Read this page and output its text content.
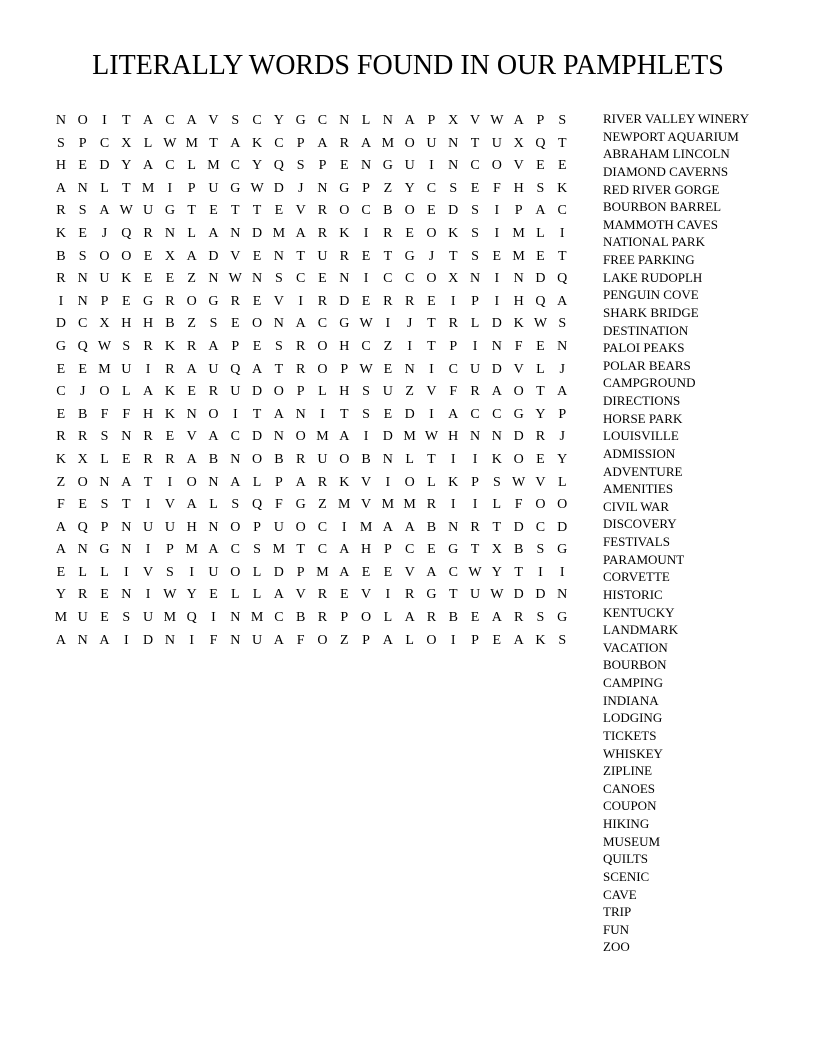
LITERALLY WORDS FOUND IN OUR PAMPHLETS
N O	I	T A C A V S C Y G C N L N A P X V W A P	S
S	P C X L W M T A K C P A R A M O U N T U X Q T
H E D Y A C L M C Y Q S	P E N G U	I	N C O V E E
A N L T M I	P U G W D	J	N G P Z Y C S E F H S K
R S A W U G T E T T E V R O C B O E D S	I	P A C
K E	J	Q R N L A N D M A R K	I	R E O K S	I M L	I
B S O O E X A D V E N T U R E T G	J	T S E M E T
R N U K E E Z N W N S C E N	I	C C O X N	I	N D Q
I	N P E G R O G R E V	I	R D E R R E	I	P	I	H Q A
D C X H H B Z S E O N A C G W I	J	T R L D K W S
G Q W S R K R A P E S R O H C Z	I	T P	I	N F E N
E E M U	I	R A U Q A T R O P W E N	I	C U D V L	J
C	J	O L A K E R U D O P L H S U Z V F R A O T A
E B F	F H K N O	I	T A N	I	T S E D	I	A C C G Y P
R R S N R E V A C D N O M A	I	D M W H N N D R	J
K X L E R R A B N O B R U O B N L T	I	I	K O E Y
Z O N A T	I	O N A L P A R K V	I	O L K P	S W V L
F E S T	I	V A L S Q F G Z M V M M R	I	I	L F O O
A Q P N U U H N O P U O C	I M A A B N R T D C D
A N G N	I	P M A C S M T C A H P C E G T X B S G
E L L	I	V S	I	U O L D P M A E E V A C W Y T	I	I
Y R E N	I W Y E L L A V R E V	I	R G T U W D D N
M U E S U M Q	I	N M C B R P O L A R B E A R S G
A N A	I	D N	I	F N U A F O Z P A L O	I	P E A K S
RIVER VALLEY WINERY
NEWPORT AQUARIUM
ABRAHAM LINCOLN
DIAMOND CAVERNS
RED RIVER GORGE
BOURBON BARREL
MAMMOTH CAVES
NATIONAL PARK
FREE PARKING
LAKE RUDOPLH
PENGUIN COVE
SHARK BRIDGE
DESTINATION
PALOI PEAKS
POLAR BEARS
CAMPGROUND
DIRECTIONS
HORSE PARK
LOUISVILLE
ADMISSION
ADVENTURE
AMENITIES
CIVIL WAR
DISCOVERY
FESTIVALS
PARAMOUNT
CORVETTE
HISTORIC
KENTUCKY
LANDMARK
VACATION
BOURBON
CAMPING
INDIANA
LODGING
TICKETS
WHISKEY
ZIPLINE
CANOES
COUPON
HIKING
MUSEUM
QUILTS
SCENIC
CAVE
TRIP
FUN
ZOO
